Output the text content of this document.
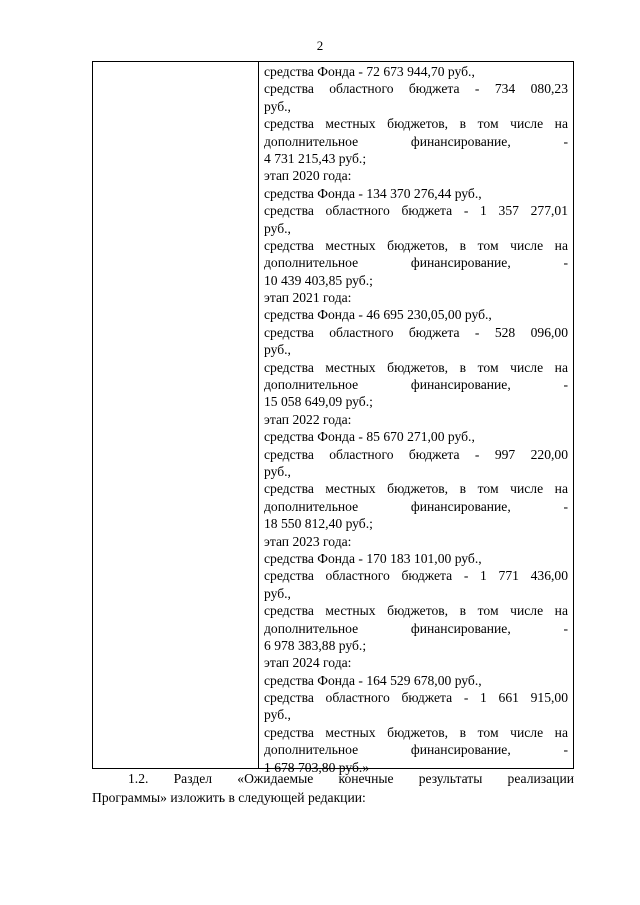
2
средства Фонда - 72 673 944,70 руб.,
средства областного бюджета - 734 080,23
руб.,
средства местных бюджетов, в том числе на
дополнительное финансирование, -
4 731 215,43 руб.;
этап 2020 года:
средства Фонда - 134 370 276,44 руб.,
средства областного бюджета - 1 357 277,01
руб.,
средства местных бюджетов, в том числе на
дополнительное финансирование, -
10 439 403,85 руб.;
этап 2021 года:
средства Фонда - 46 695 230,05,00 руб.,
средства областного бюджета - 528 096,00
руб.,
средства местных бюджетов, в том числе на
дополнительное финансирование, -
15 058 649,09 руб.;
этап 2022 года:
средства Фонда - 85 670 271,00 руб.,
средства областного бюджета - 997 220,00
руб.,
средства местных бюджетов, в том числе на
дополнительное финансирование, -
18 550 812,40 руб.;
этап 2023 года:
средства Фонда - 170 183 101,00 руб.,
средства областного бюджета - 1 771 436,00
руб.,
средства местных бюджетов, в том числе на
дополнительное финансирование, -
6 978 383,88 руб.;
этап 2024 года:
средства Фонда - 164 529 678,00 руб.,
средства областного бюджета - 1 661 915,00
руб.,
средства местных бюджетов, в том числе на
дополнительное финансирование, -
1 678 703,80 руб.»
1.2. Раздел «Ожидаемые конечные результаты реализации
Программы» изложить в следующей редакции:
